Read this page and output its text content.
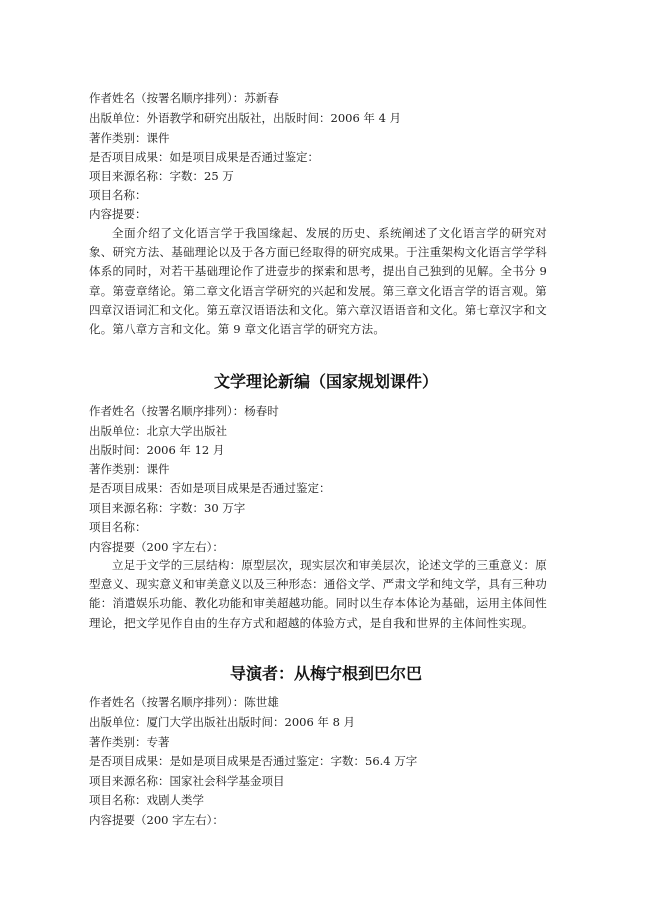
作者姓名（按署名顺序排列）：苏新春
出版单位：外语教学和研究出版社，出版时间：2006 年 4 月
著作类别：课件
是否项目成果：如是项目成果是否通过鉴定：
项目来源名称：字数：25 万
项目名称：
内容提要：
全面介绍了文化语言学于我国缘起、发展的历史、系统阐述了文化语言学的研究对象、研究方法、基础理论以及于各方面已经取得的研究成果。于注重架构文化语言学学科体系的同时，对若干基础理论作了进壹步的探索和思考，提出自己独到的见解。全书分 9 章。第壹章绪论。第二章文化语言学研究的兴起和发展。第三章文化语言学的语言观。第四章汉语词汇和文化。第五章汉语语法和文化。第六章汉语语音和文化。第七章汉字和文化。第八章方言和文化。第 9 章文化语言学的研究方法。
文学理论新编（国家规划课件）
作者姓名（按署名顺序排列）：杨春时
出版单位：北京大学出版社
出版时间：2006 年 12 月
著作类别：课件
是否项目成果：否如是项目成果是否通过鉴定：
项目来源名称：字数：30 万字
项目名称：
内容提要（200 字左右）：
立足于文学的三层结构：原型层次，现实层次和审美层次，论述文学的三重意义：原型意义、现实意义和审美意义以及三种形态：通俗文学、严肃文学和纯文学，具有三种功能：消遣娱乐功能、教化功能和审美超越功能。同时以生存本体论为基础，运用主体间性理论，把文学见作自由的生存方式和超越的体验方式，是自我和世界的主体间性实现。
导演者：从梅宁根到巴尔巴
作者姓名（按署名顺序排列）：陈世雄
出版单位：厦门大学出版社出版时间：2006 年 8 月
著作类别：专著
是否项目成果：是如是项目成果是否通过鉴定：字数：56.4 万字
项目来源名称：国家社会科学基金项目
项目名称：戏剧人类学
内容提要（200 字左右）：
